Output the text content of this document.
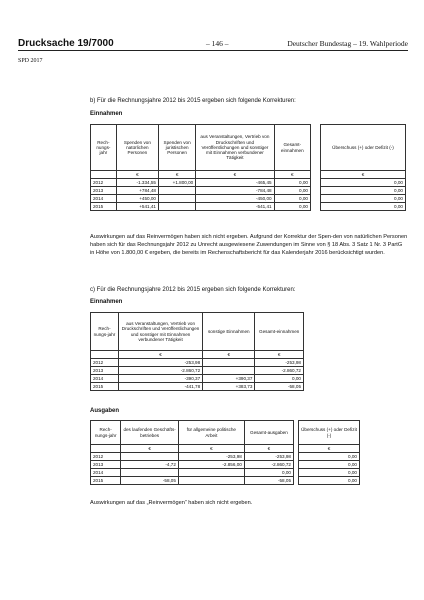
Drucksache 19/7000	– 146 –	Deutscher Bundestag – 19. Wahlperiode
SPD 2017
b) Für die Rechnungsjahre 2012 bis 2015 ergeben sich folgende Korrekturen:
Einnahmen
Rech-nungs-jahr	Spenden von natürlichen Personen	Spenden von juristischen Personen	aus Veranstaltungen, Vertrieb von Druckschriften und Veröffentlichungen und sonstiger mit Einnahmen verbundener Tätigkeit	Gesamt-einnahmen
	€	€	€	€
2012	-1.334,55	+1.800,00	-465,45	0,00
2013	+784,48		-784,48	0,00
2014	+450,00		-450,00	0,00
2015	+541,41		-541,41	0,00
Überschuss (+) oder Defizit (-)
€
0,00
0,00
0,00
0,00
Auswirkungen auf das Reinvermögen haben sich nicht ergeben. Aufgrund der Korrektur der Spen-den von natürlichen Personen haben sich für das Rechnungsjahr 2012 zu Unrecht ausgewiesene Zuwendungen im Sinne von § 18 Abs. 3 Satz 1 Nr. 3 PartG in Höhe von 1.800,00 € ergeben, die bereits im Rechenschaftsbericht für das Kalenderjahr 2016 berücksichtigt wurden.
c) Für die Rechnungsjahre 2012 bis 2015 ergeben sich folgende Korrekturen:
Einnahmen
Rech-nungs-jahr	aus Veranstaltungen, Vertrieb von Druckschriften und Veröffentlichungen und sonstiger mit Einnahmen verbundener Tätigkeit	sonstige Einnahmen	Gesamt-einnahmen
	€	€	€
2012	-253,98		-253,98
2013	-2.860,72		-2.860,72
2014	-390,37	+390,37	0,00
2015	-441,78	+383,73	-58,05
Ausgaben
Rech-nungs-jahr	des laufenden Geschäfts-betriebes	für allgemeine politische Arbeit	Gesamt-ausgaben
	€	€	€
2012		-253,98	-253,98
2013	-4,72	-2.856,00	-2.860,72
2014			0,00
2015	-58,05		-58,05
Überschuss (+) oder Defizit (-)
€
0,00
0,00
0,00
0,00
Auswirkungen auf das „Reinvermögen“ haben sich nicht ergeben.
